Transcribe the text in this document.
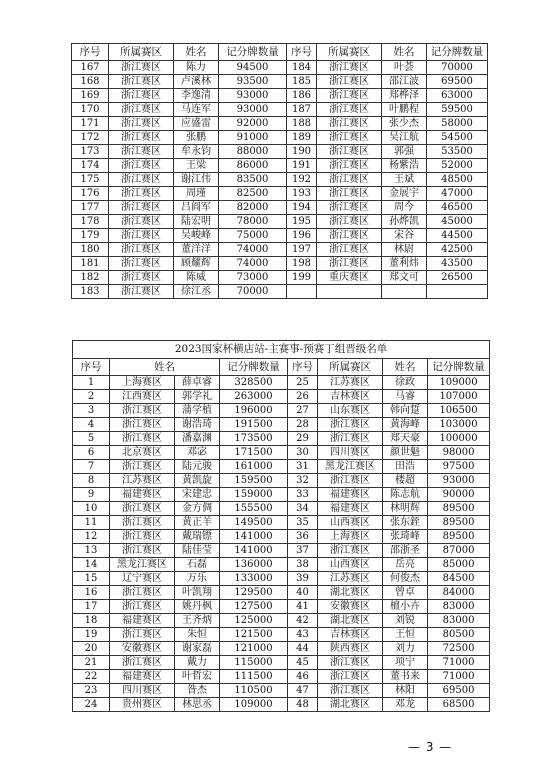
序号	所属赛区	姓名	记分牌数量	序号	所属赛区	姓名	记分牌数量
167	浙江赛区	陈力	94500	184	浙江赛区	叶荟	70000
168	浙江赛区	卢溪林	93500	185	浙江赛区	邵江波	69500
169	浙江赛区	李逸清	93000	186	浙江赛区	郑桦泽	63000
170	浙江赛区	马连军	93000	187	浙江赛区	叶鹏程	59500
171	浙江赛区	应盛雷	92000	188	浙江赛区	张少杰	58000
172	浙江赛区	张鹏	91000	189	浙江赛区	吴江航	54500
173	浙江赛区	牟永钧	88000	190	浙江赛区	郭强	53500
174	浙江赛区	王梁	86000	191	浙江赛区	杨紫浩	52000
175	浙江赛区	谢江伟	83500	192	浙江赛区	王斌	48500
176	浙江赛区	周瑾	82500	193	浙江赛区	金展宇	47000
177	浙江赛区	吕阎军	82000	194	浙江赛区	周今	46500
178	浙江赛区	陆宏明	78000	195	浙江赛区	孙烨凯	45000
179	浙江赛区	吴峻峰	75000	196	浙江赛区	宋谷	44500
180	浙江赛区	董洋洋	74000	197	浙江赛区	林尉	42500
181	浙江赛区	顾耀辉	74000	198	浙江赛区	董利炜	43500
182	浙江赛区	陈威	73000	199	重庆赛区	郑文可	26500
183	浙江赛区	徐江丞	70000				
2023国家杯横店站-主赛事-预赛丁组晋级名单							
序号	姓名		记分牌数量	序号	所属赛区	姓名	记分牌数量
1	上海赛区	薛卓睿	328500	25	江苏赛区	徐政	109000
2	江西赛区	郭学礼	263000	26	吉林赛区	马睿	107000
3	浙江赛区	蒲学植	196000	27	山东赛区	韩向踅	106500
4	浙江赛区	谢浩琦	191500	28	浙江赛区	黄海峰	103000
5	浙江赛区	潘嘉渊	173500	29	浙江赛区	郑天豪	100000
6	北京赛区	邓宓	171500	30	四川赛区	颜世魁	98000
7	浙江赛区	陆元骏	161000	31	黑龙江赛区	田浩	97500
8	江苏赛区	黄凯旋	159500	32	浙江赛区	楼超	93000
9	福建赛区	宋建忠	159000	33	福建赛区	陈志航	90000
10	浙江赛区	金方倜	155500	34	福建赛区	林明辉	89500
11	浙江赛区	黄正羊	149500	35	山西赛区	张东銍	89500
12	浙江赛区	戴瑞镖	141000	36	上海赛区	张琦峰	89500
13	浙江赛区	陆佳莹	141000	37	浙江赛区	邵浙圣	87000
14	黑龙江赛区	石磊	136000	38	山西赛区	岳亮	85000
15	辽宁赛区	万乐	133000	39	江苏赛区	何俊杰	84500
16	浙江赛区	叶凯翔	129500	40	湖北赛区	曾卓	84000
17	浙江赛区	姚丹枫	127500	41	安徽赛区	檀小卉	83000
18	福建赛区	王齐炳	125000	42	湖北赛区	刘锐	83000
19	浙江赛区	朱恒	121500	43	吉林赛区	王恒	80500
20	安徽赛区	谢家磊	121000	44	陕西赛区	刘力	72500
21	浙江赛区	戴力	115000	45	浙江赛区	项宁	71000
22	福建赛区	叶哲宏	111500	46	浙江赛区	董书来	71000
23	四川赛区	昝杰	110500	47	浙江赛区	林阳	69500
24	贵州赛区	林思丞	109000	48	湖北赛区	邓龙	68500
— 3 —
